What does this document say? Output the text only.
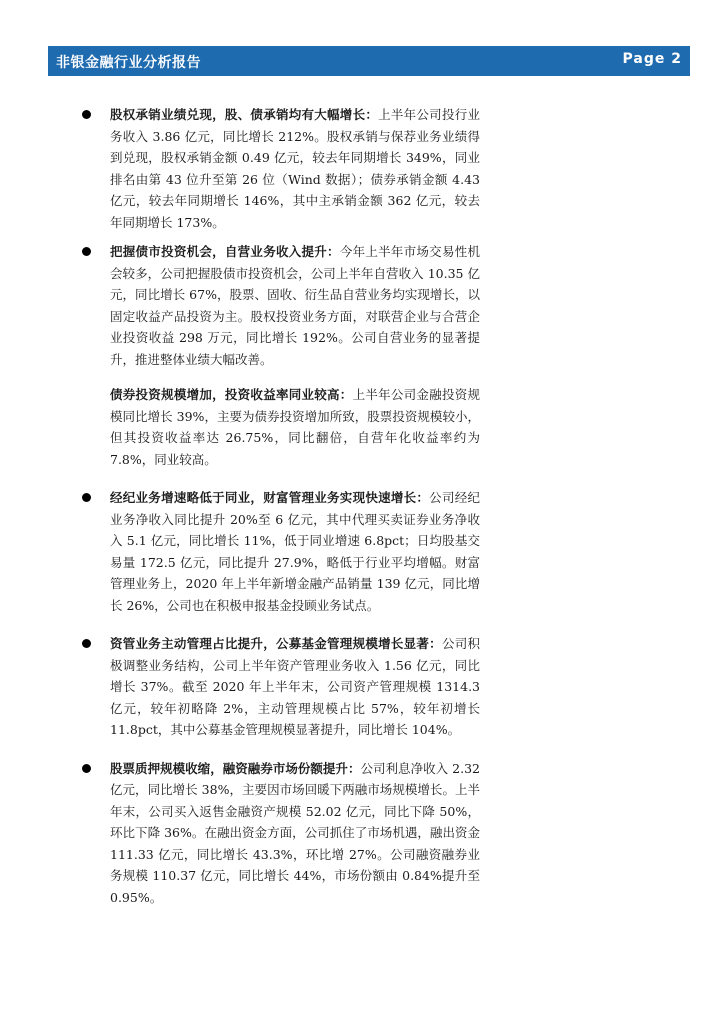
非银金融行业分析报告	Page 2
股权承销业绩兑现，股、债承销均有大幅增长：上半年公司投行业务收入 3.86 亿元，同比增长 212%。股权承销与保荐业务业绩得到兑现，股权承销金额 0.49 亿元，较去年同期增长 349%，同业排名由第 43 位升至第 26 位（Wind 数据）；债券承销金额 4.43 亿元，较去年同期增长 146%，其中主承销金额 362 亿元，较去年同期增长 173%。
把握债市投资机会，自营业务收入提升：今年上半年市场交易性机会较多，公司把握股债市投资机会，公司上半年自营收入 10.35 亿元，同比增长 67%，股票、固收、衍生品自营业务均实现增长，以固定收益产品投资为主。股权投资业务方面，对联营企业与合营企业投资收益 298 万元，同比增长 192%。公司自营业务的显著提升，推进整体业绩大幅改善。
债券投资规模增加，投资收益率同业较高：上半年公司金融投资规模同比增长 39%，主要为债券投资增加所致，股票投资规模较小，但其投资收益率达 26.75%，同比翻倍，自营年化收益率约为 7.8%，同业较高。
经纪业务增速略低于同业，财富管理业务实现快速增长：公司经纪业务净收入同比提升 20%至 6 亿元，其中代理买卖证券业务净收入 5.1 亿元，同比增长 11%，低于同业增速 6.8pct；日均股基交易量 172.5 亿元，同比提升 27.9%，略低于行业平均增幅。财富管理业务上，2020 年上半年新增金融产品销量 139 亿元，同比增长 26%，公司也在积极申报基金投顾业务试点。
资管业务主动管理占比提升，公募基金管理规模增长显著：公司积极调整业务结构，公司上半年资产管理业务收入 1.56 亿元，同比增长 37%。截至 2020 年上半年末，公司资产管理规模 1314.3 亿元，较年初略降 2%，主动管理规模占比 57%，较年初增长 11.8pct，其中公募基金管理规模显著提升，同比增长 104%。
股票质押规模收缩，融资融券市场份额提升：公司利息净收入 2.32 亿元，同比增长 38%，主要因市场回暖下两融市场规模增长。上半年末，公司买入返售金融资产规模 52.02 亿元，同比下降 50%，环比下降 36%。在融出资金方面，公司抓住了市场机遇，融出资金 111.33 亿元，同比增长 43.3%，环比增 27%。公司融资融券业务规模 110.37 亿元，同比增长 44%，市场份额由 0.84%提升至 0.95%。
